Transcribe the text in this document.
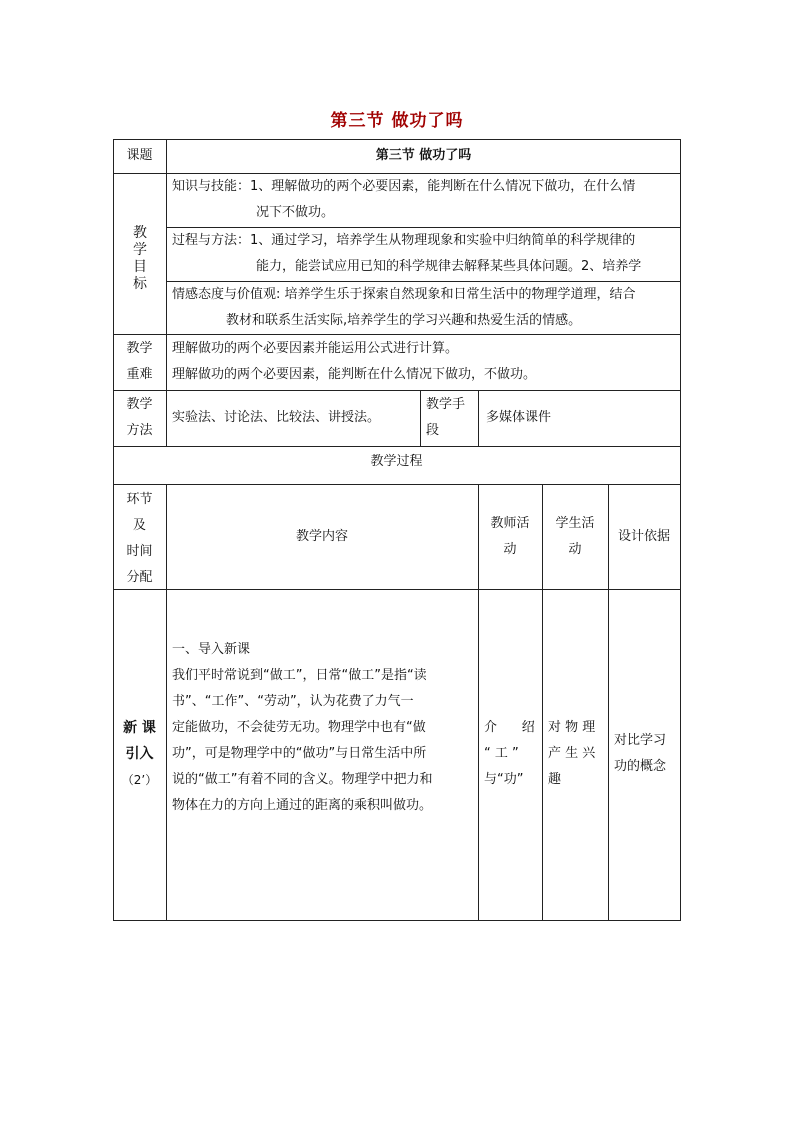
第三节 做功了吗
课题	第三节 做功了吗
教
学
目
标
知识与技能：1、理解做功的两个必要因素，能判断在什么情况下做功，在什么情
况下不做功。
过程与方法：1、通过学习，培养学生从物理现象和实验中归纳简单的科学规律的
能力，能尝试应用已知的科学规律去解释某些具体问题。2、培养学
情感态度与价值观: 培养学生乐于探索自然现象和日常生活中的物理学道理，结合
教材和联系生活实际,培养学生的学习兴趣和热爱生活的情感。
教学
重难
理解做功的两个必要因素并能运用公式进行计算。
理解做功的两个必要因素，能判断在什么情况下做功，不做功。
教学
方法
实验法、讨论法、比较法、讲授法。
教学手
段
多媒体课件
教学过程
环节
及
时间
分配
教学内容
教师活
动
学生活
动
设计依据
新 课
引入
（2’）
一、导入新课
我们平时常说到“做工”，日常“做工”是指“读
书”、“工作”、“劳动”，认为花费了力气一
定能做功，不会徒劳无功。物理学中也有“做
功”，可是物理学中的“做功”与日常生活中所
说的“做工”有着不同的含义。物理学中把力和
物体在力的方向上通过的距离的乘积叫做功。
介      绍
“ 工 ”
与“功”
对 物 理
产 生 兴
趣
对比学习
功的概念
